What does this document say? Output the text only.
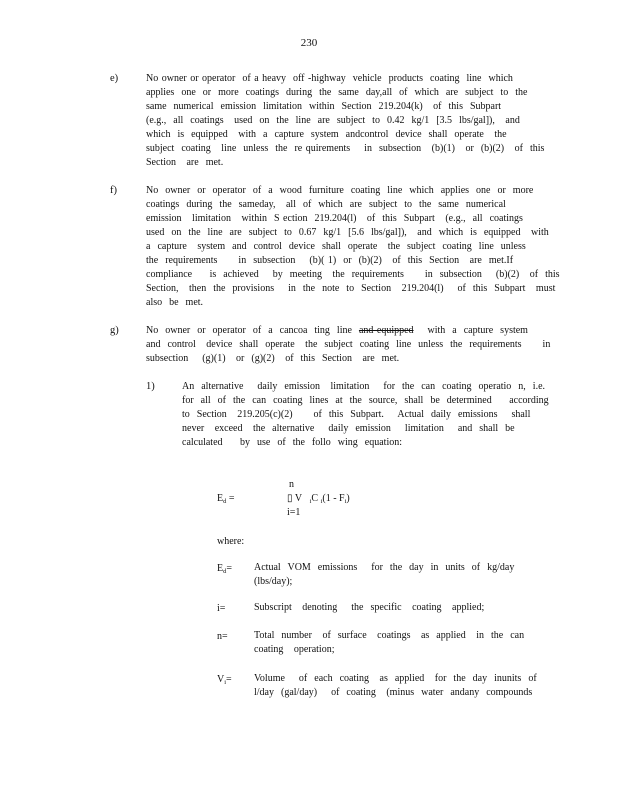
230
e)	No owner or operator  of a heavy  off -highway  vehicle  products  coating  line  which

applies  one  or  more  coatings  during  the  same  day,all  of  which  are  subject  to  the

same  numerical  emission  limitation  within  Section  219.204(k)   of  this  Subpart

(e.g.,  all  coatings   used  on  the  line  are  subject  to  0.42  kg/1  [3.5  lbs/gal]),   and

which  is  equipped   with  a  capture  system  andcontrol  device  shall  operate   the

subject  coating   line  unless  the  re quirements    in  subsection   (b)(1)   or  (b)(2)   of  this

Section   are  met.

f)	No  owner  or  operator  of  a  wood  furniture  coating  line  which  applies  one  or  more

coatings  during  the  sameday,   all  of  which  are  subject  to  the  same  numerical

emission   limitation   within  S ection  219.204(l)   of  this  Subpart   (e.g.,  all  coatings

used  on  the  line  are  subject  to  0.67  kg/1  [5.6  lbs/gal]),   and  which  is  equipped   with

a  capture   system  and  control  device  shall  operate   the  subject  coating  line  unless

the  requirements      in  subsection    (b)( 1)  or  (b)(2)   of  this  Section   are  met.If

compliance     is  achieved    by  meeting   the  requirements      in  subsection    (b)(2)   of  this

Section,   then  the  provisions    in  the  note  to  Section   219.204(l)    of  this  Subpart   must

also  be  met.

g)	No  owner  or  operator  of  a  cancoa  ting  line  and equipped    with  a  capture  system

and  control   device  shall  operate   the  subject  coating  line  unless  the  requirements      in

subsection    (g)(1)   or  (g)(2)   of  this  Section   are  met.

1)	An  alternative    daily  emission   limitation    for  the  can  coating  operatio  n,  i.e.

for  all  of  the  can  coating  lines  at  the  source,  shall  be  determined     according

to  Section   219.205(c)(2)      of  this  Subpart.    Actual  daily  emissions    shall

never   exceed   the  alternative    daily  emission    limitation    and  shall  be

calculated     by  use  of  the  follo  wing  equation:

$E_d$ =
n
▯ V $_i$C $_i(1 - F_i)$
i=1
where:
$E_d=$ Actual  VOM  emissions    for  the  day  in  units  of  kg/day

(lbs/day);

i=	Subscript   denoting    the  specific   coating   applied;

n=	Total  number   of  surface   coatings   as  applied   in  the  can

coating   operation;

$V_i=$ Volume    of  each  coating   as  applied   for  the  day  inunits  of

l/day  (gal/day)    of  coating   (minus  water  andany  compounds
